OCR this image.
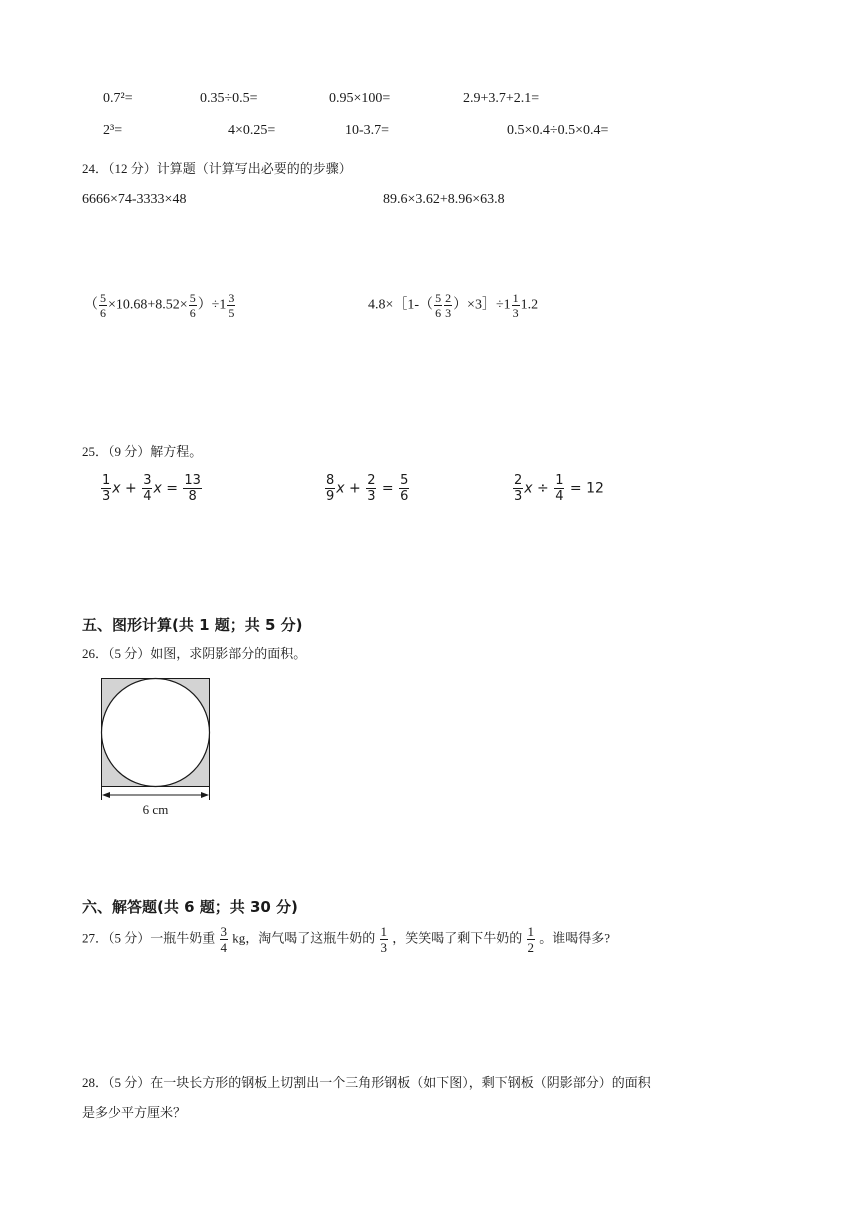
0.7²=	0.35÷0.5=	0.95×100=	2.9+3.7+2.1=
2³=	4×0.25=	10-3.7=	0.5×0.4÷0.5×0.4=
24．（12 分）计算题（计算写出必要的的步骤）
6666×74-3333×48	89.6×3.62+8.96×63.8
（ $\frac{5}{6} \times 10.68+8.52\times \frac{5}{6} )\div 1 \frac{3}{5}$	4.8×［1-（ $\frac{5}{6} \frac{2}{3}$ ）×3］÷1 $\frac{1}{3} 1.2$
25．（9 分）解方程。
$\frac{1}{3}$ $x + \frac{3}{4}$ $x = \frac{13}{8}$	$\frac{8}{9}$ $x + \frac{2}{3} = \frac{5}{6}$	$\frac{2}{3}$ $x \div \frac{1}{4} = 12$
五、图形计算(共 1 题；共 5 分)
26．（5 分）如图，求阴影部分的面积。
6 cm
六、解答题(共 6 题；共 30 分)
27．（5 分）一瓶牛奶重 $\frac{3}{4}$ kg，淘气喝了这瓶牛奶的 $\frac{1}{3}$ ，笑笑喝了剩下牛奶的 $\frac{1}{2}$ 。谁喝得多?
28．（5 分）在一块长方形的钢板上切割出一个三角形钢板（如下图），剩下钢板（阴影部分）的面积
是多少平方厘米？
